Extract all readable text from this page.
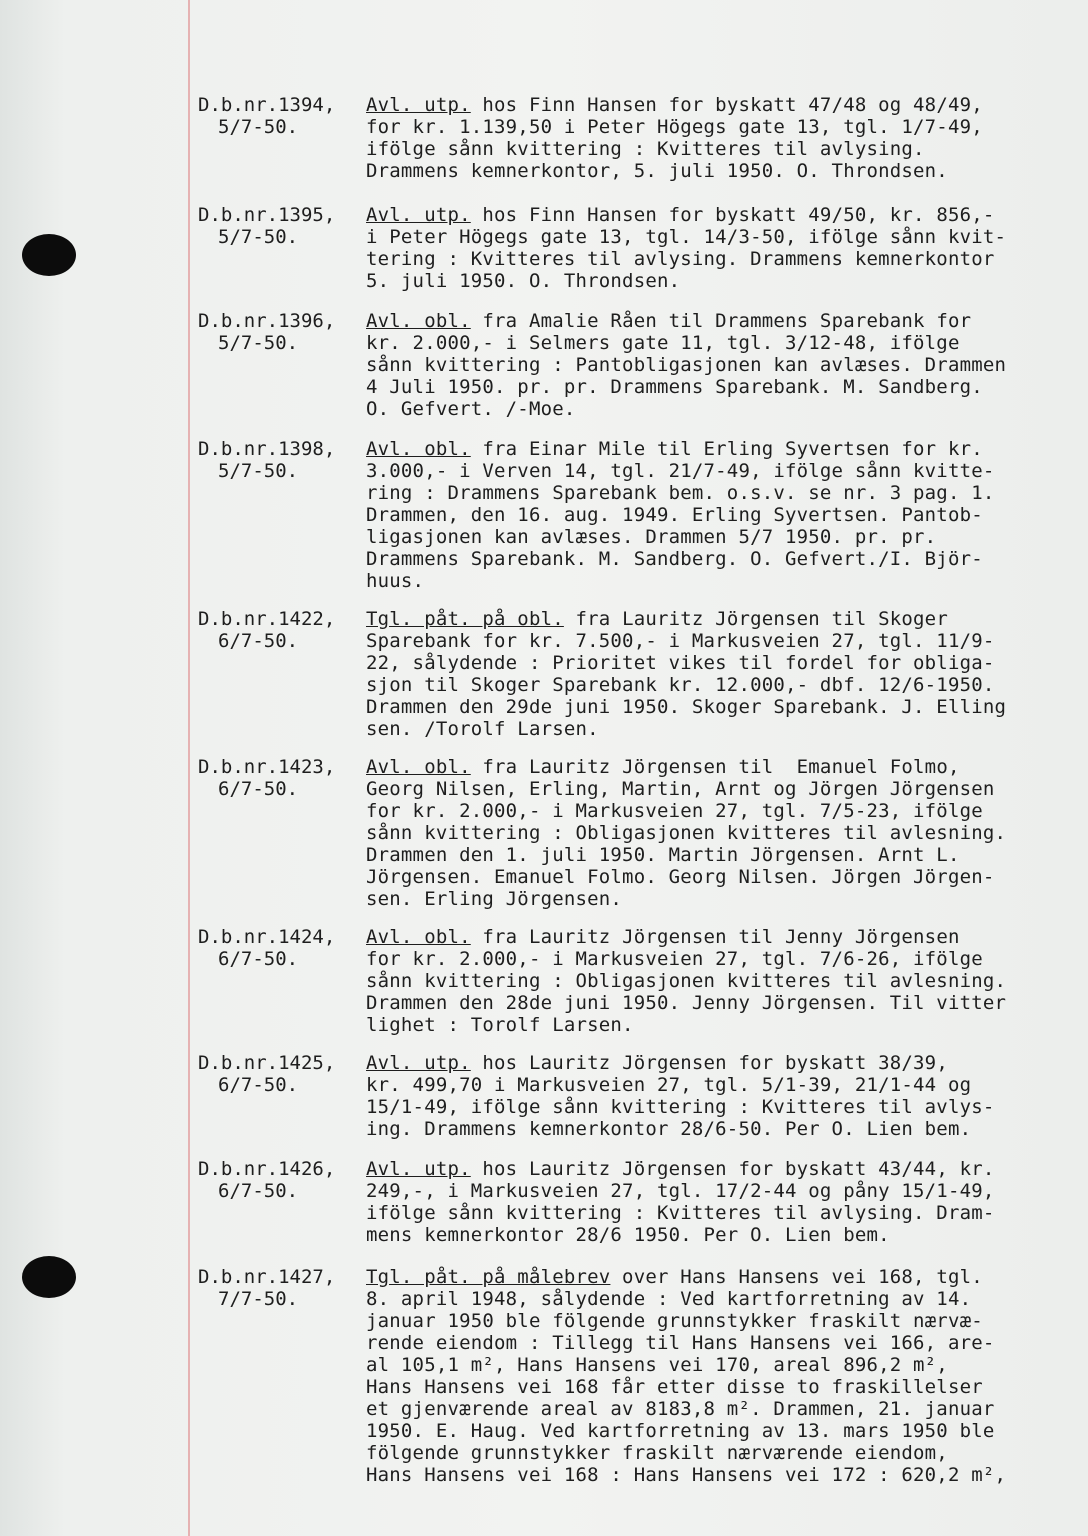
D.b.nr.1394,
5/7-50.
Avl. utp. hos Finn Hansen for byskatt 47/48 og 48/49,
for kr. 1.139,50 i Peter Högegs gate 13, tgl. 1/7-49,
ifölge sånn kvittering : Kvitteres til avlysing.
Drammens kemnerkontor, 5. juli 1950. O. Throndsen.
D.b.nr.1395,
5/7-50.
Avl. utp. hos Finn Hansen for byskatt 49/50, kr. 856,-
i Peter Högegs gate 13, tgl. 14/3-50, ifölge sånn kvit-
tering : Kvitteres til avlysing. Drammens kemnerkontor
5. juli 1950. O. Throndsen.
D.b.nr.1396,
5/7-50.
Avl. obl. fra Amalie Råen til Drammens Sparebank for
kr. 2.000,- i Selmers gate 11, tgl. 3/12-48, ifölge
sånn kvittering : Pantobligasjonen kan avlæses. Drammen
4 Juli 1950. pr. pr. Drammens Sparebank. M. Sandberg.
O. Gefvert. /-Moe.
D.b.nr.1398,
5/7-50.
Avl. obl. fra Einar Mile til Erling Syvertsen for kr.
3.000,- i Verven 14, tgl. 21/7-49, ifölge sånn kvitte-
ring : Drammens Sparebank bem. o.s.v. se nr. 3 pag. 1.
Drammen, den 16. aug. 1949. Erling Syvertsen. Pantob-
ligasjonen kan avlæses. Drammen 5/7 1950. pr. pr.
Drammens Sparebank. M. Sandberg. O. Gefvert./I. Björ-
huus.
D.b.nr.1422,
6/7-50.
Tgl. påt. på obl. fra Lauritz Jörgensen til Skoger
Sparebank for kr. 7.500,- i Markusveien 27, tgl. 11/9-
22, sålydende : Prioritet vikes til fordel for obliga-
sjon til Skoger Sparebank kr. 12.000,- dbf. 12/6-1950.
Drammen den 29de juni 1950. Skoger Sparebank. J. Elling
sen. /Torolf Larsen.
D.b.nr.1423,
6/7-50.
Avl. obl. fra Lauritz Jörgensen til  Emanuel Folmo,
Georg Nilsen, Erling, Martin, Arnt og Jörgen Jörgensen
for kr. 2.000,- i Markusveien 27, tgl. 7/5-23, ifölge
sånn kvittering : Obligasjonen kvitteres til avlesning.
Drammen den 1. juli 1950. Martin Jörgensen. Arnt L.
Jörgensen. Emanuel Folmo. Georg Nilsen. Jörgen Jörgen-
sen. Erling Jörgensen.
D.b.nr.1424,
6/7-50.
Avl. obl. fra Lauritz Jörgensen til Jenny Jörgensen
for kr. 2.000,- i Markusveien 27, tgl. 7/6-26, ifölge
sånn kvittering : Obligasjonen kvitteres til avlesning.
Drammen den 28de juni 1950. Jenny Jörgensen. Til vitter
lighet : Torolf Larsen.
D.b.nr.1425,
6/7-50.
Avl. utp. hos Lauritz Jörgensen for byskatt 38/39,
kr. 499,70 i Markusveien 27, tgl. 5/1-39, 21/1-44 og
15/1-49, ifölge sånn kvittering : Kvitteres til avlys-
ing. Drammens kemnerkontor 28/6-50. Per O. Lien bem.
D.b.nr.1426,
6/7-50.
Avl. utp. hos Lauritz Jörgensen for byskatt 43/44, kr.
249,-, i Markusveien 27, tgl. 17/2-44 og påny 15/1-49,
ifölge sånn kvittering : Kvitteres til avlysing. Dram-
mens kemnerkontor 28/6 1950. Per O. Lien bem.
D.b.nr.1427,
7/7-50.
Tgl. påt. på målebrev over Hans Hansens vei 168, tgl.
8. april 1948, sålydende : Ved kartforretning av 14.
januar 1950 ble fölgende grunnstykker fraskilt nærvæ-
rende eiendom : Tillegg til Hans Hansens vei 166, are-
al 105,1 m², Hans Hansens vei 170, areal 896,2 m²,
Hans Hansens vei 168 får etter disse to fraskillelser
et gjenværende areal av 8183,8 m². Drammen, 21. januar
1950. E. Haug. Ved kartforretning av 13. mars 1950 ble
fölgende grunnstykker fraskilt nærværende eiendom,
Hans Hansens vei 168 : Hans Hansens vei 172 : 620,2 m²,
